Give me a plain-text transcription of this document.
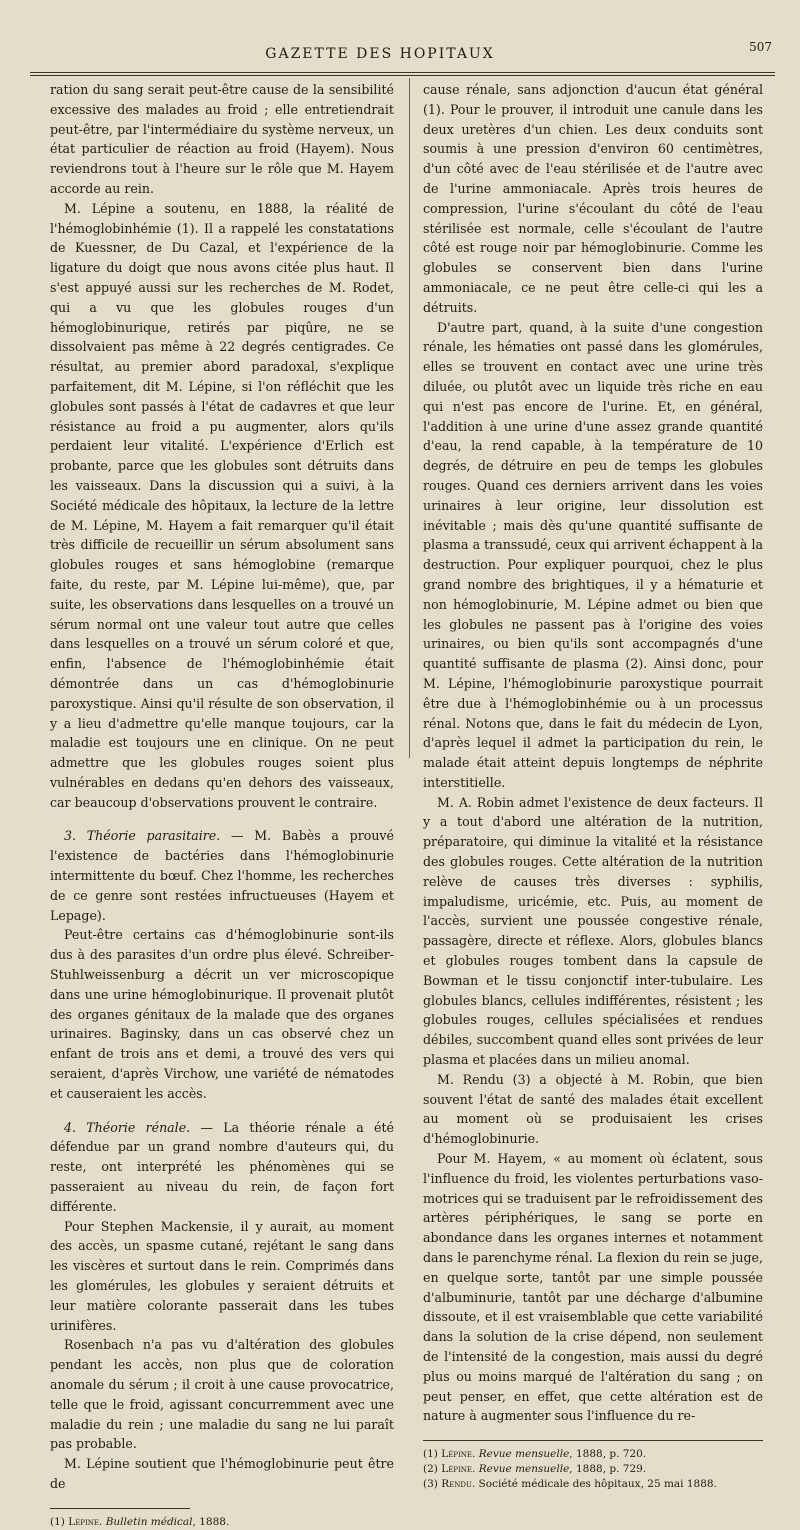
GAZETTE DES HOPITAUX	507

ration du sang serait peut-être cause de la sensibilité excessive des malades au froid ; elle entretiendrait peut-être, par l'intermédiaire du système nerveux, un état particulier de réaction au froid (Hayem). Nous reviendrons tout à l'heure sur le rôle que M. Hayem accorde au rein.

M. Lépine a soutenu, en 1888, la réalité de l'hémoglobinhémie (1). Il a rappelé les constatations de Kuessner, de Du Cazal, et l'expérience de la ligature du doigt que nous avons citée plus haut. Il s'est appuyé aussi sur les recherches de M. Rodet, qui a vu que les globules rouges d'un hémoglobinurique, retirés par piqûre, ne se dissolvaient pas même à 22 degrés centigrades. Ce résultat, au premier abord paradoxal, s'explique parfaitement, dit M. Lépine, si l'on réfléchit que les globules sont passés à l'état de cadavres et que leur résistance au froid a pu augmenter, alors qu'ils perdaient leur vitalité. L'expérience d'Erlich est probante, parce que les globules sont détruits dans les vaisseaux. Dans la discussion qui a suivi, à la Société médicale des hôpitaux, la lecture de la lettre de M. Lépine, M. Hayem a fait remarquer qu'il était très difficile de recueillir un sérum absolument sans globules rouges et sans hémoglobine (remarque faite, du reste, par M. Lépine lui-même), que, par suite, les observations dans lesquelles on a trouvé un sérum normal ont une valeur tout autre que celles dans lesquelles on a trouvé un sérum coloré et que, enfin, l'absence de l'hémoglobinhémie était démontrée dans un cas d'hémoglobinurie paroxystique. Ainsi qu'il résulte de son observation, il y a lieu d'admettre qu'elle manque toujours, car la maladie est toujours une en clinique. On ne peut admettre que les globules rouges soient plus vulnérables en dedans qu'en dehors des vaisseaux, car beaucoup d'observations prouvent le contraire.

3. Théorie parasitaire. — M. Babès a prouvé l'existence de bactéries dans l'hémoglobinurie intermittente du bœuf. Chez l'homme, les recherches de ce genre sont restées infructueuses (Hayem et Lepage).

Peut-être certains cas d'hémoglobinurie sont-ils dus à des parasites d'un ordre plus élevé. Schreiber-Stuhlweissenburg a décrit un ver microscopique dans une urine hémoglobinurique. Il provenait plutôt des organes génitaux de la malade que des organes urinaires. Baginsky, dans un cas observé chez un enfant de trois ans et demi, a trouvé des vers qui seraient, d'après Virchow, une variété de nématodes et causeraient les accès.

4. Théorie rénale. — La théorie rénale a été défendue par un grand nombre d'auteurs qui, du reste, ont interprété les phénomènes qui se passeraient au niveau du rein, de façon fort différente.

Pour Stephen Mackensie, il y aurait, au moment des accès, un spasme cutané, rejétant le sang dans les viscères et surtout dans le rein. Comprimés dans les glomérules, les globules y seraient détruits et leur matière colorante passerait dans les tubes urinifères.

Rosenbach n'a pas vu d'altération des globules pendant les accès, non plus que de coloration anomale du sérum ; il croit à une cause provocatrice, telle que le froid, agissant concurremment avec une maladie du rein ; une maladie du sang ne lui paraît pas probable.

M. Lépine soutient que l'hémoglobinurie peut être de

(1) Lépine. Bulletin médical, 1888.

cause rénale, sans adjonction d'aucun état général (1). Pour le prouver, il introduit une canule dans les deux uretères d'un chien. Les deux conduits sont soumis à une pression d'environ 60 centimètres, d'un côté avec de l'eau stérilisée et de l'autre avec de l'urine ammoniacale. Après trois heures de compression, l'urine s'écoulant du côté de l'eau stérilisée est normale, celle s'écoulant de l'autre côté est rouge noir par hémoglobinurie. Comme les globules se conservent bien dans l'urine ammoniacale, ce ne peut être celle-ci qui les a détruits.

D'autre part, quand, à la suite d'une congestion rénale, les hématies ont passé dans les glomérules, elles se trouvent en contact avec une urine très diluée, ou plutôt avec un liquide très riche en eau qui n'est pas encore de l'urine. Et, en général, l'addition à une urine d'une assez grande quantité d'eau, la rend capable, à la température de 10 degrés, de détruire en peu de temps les globules rouges. Quand ces derniers arrivent dans les voies urinaires à leur origine, leur dissolution est inévitable ; mais dès qu'une quantité suffisante de plasma a transsudé, ceux qui arrivent échappent à la destruction. Pour expliquer pourquoi, chez le plus grand nombre des brightiques, il y a hématurie et non hémoglobinurie, M. Lépine admet ou bien que les globules ne passent pas à l'origine des voies urinaires, ou bien qu'ils sont accompagnés d'une quantité suffisante de plasma (2). Ainsi donc, pour M. Lépine, l'hémoglobinurie paroxystique pourrait être due à l'hémoglobinhémie ou à un processus rénal. Notons que, dans le fait du médecin de Lyon, d'après lequel il admet la participation du rein, le malade était atteint depuis longtemps de néphrite interstitielle.

M. A. Robin admet l'existence de deux facteurs. Il y a tout d'abord une altération de la nutrition, préparatoire, qui diminue la vitalité et la résistance des globules rouges. Cette altération de la nutrition relève de causes très diverses : syphilis, impaludisme, uricémie, etc. Puis, au moment de l'accès, survient une poussée congestive rénale, passagère, directe et réflexe. Alors, globules blancs et globules rouges tombent dans la capsule de Bowman et le tissu conjonctif inter-tubulaire. Les globules blancs, cellules indifférentes, résistent ; les globules rouges, cellules spécialisées et rendues débiles, succombent quand elles sont privées de leur plasma et placées dans un milieu anomal.

M. Rendu (3) a objecté à M. Robin, que bien souvent l'état de santé des malades était excellent au moment où se produisaient les crises d'hémoglobinurie.

Pour M. Hayem, « au moment où éclatent, sous l'influence du froid, les violentes perturbations vaso-motrices qui se traduisent par le refroidissement des artères périphériques, le sang se porte en abondance dans les organes internes et notamment dans le parenchyme rénal. La flexion du rein se juge, en quelque sorte, tantôt par une simple poussée d'albuminurie, tantôt par une décharge d'albumine dissoute, et il est vraisemblable que cette variabilité dans la solution de la crise dépend, non seulement de l'intensité de la congestion, mais aussi du degré plus ou moins marqué de l'altération du sang ; on peut penser, en effet, que cette altération est de nature à augmenter sous l'influence du re-

(1) Lépine. Revue mensuelle, 1888, p. 720.

(2) Lépine. Revue mensuelle, 1888, p. 729.

(3) Rendu. Société médicale des hôpitaux, 25 mai 1888.
